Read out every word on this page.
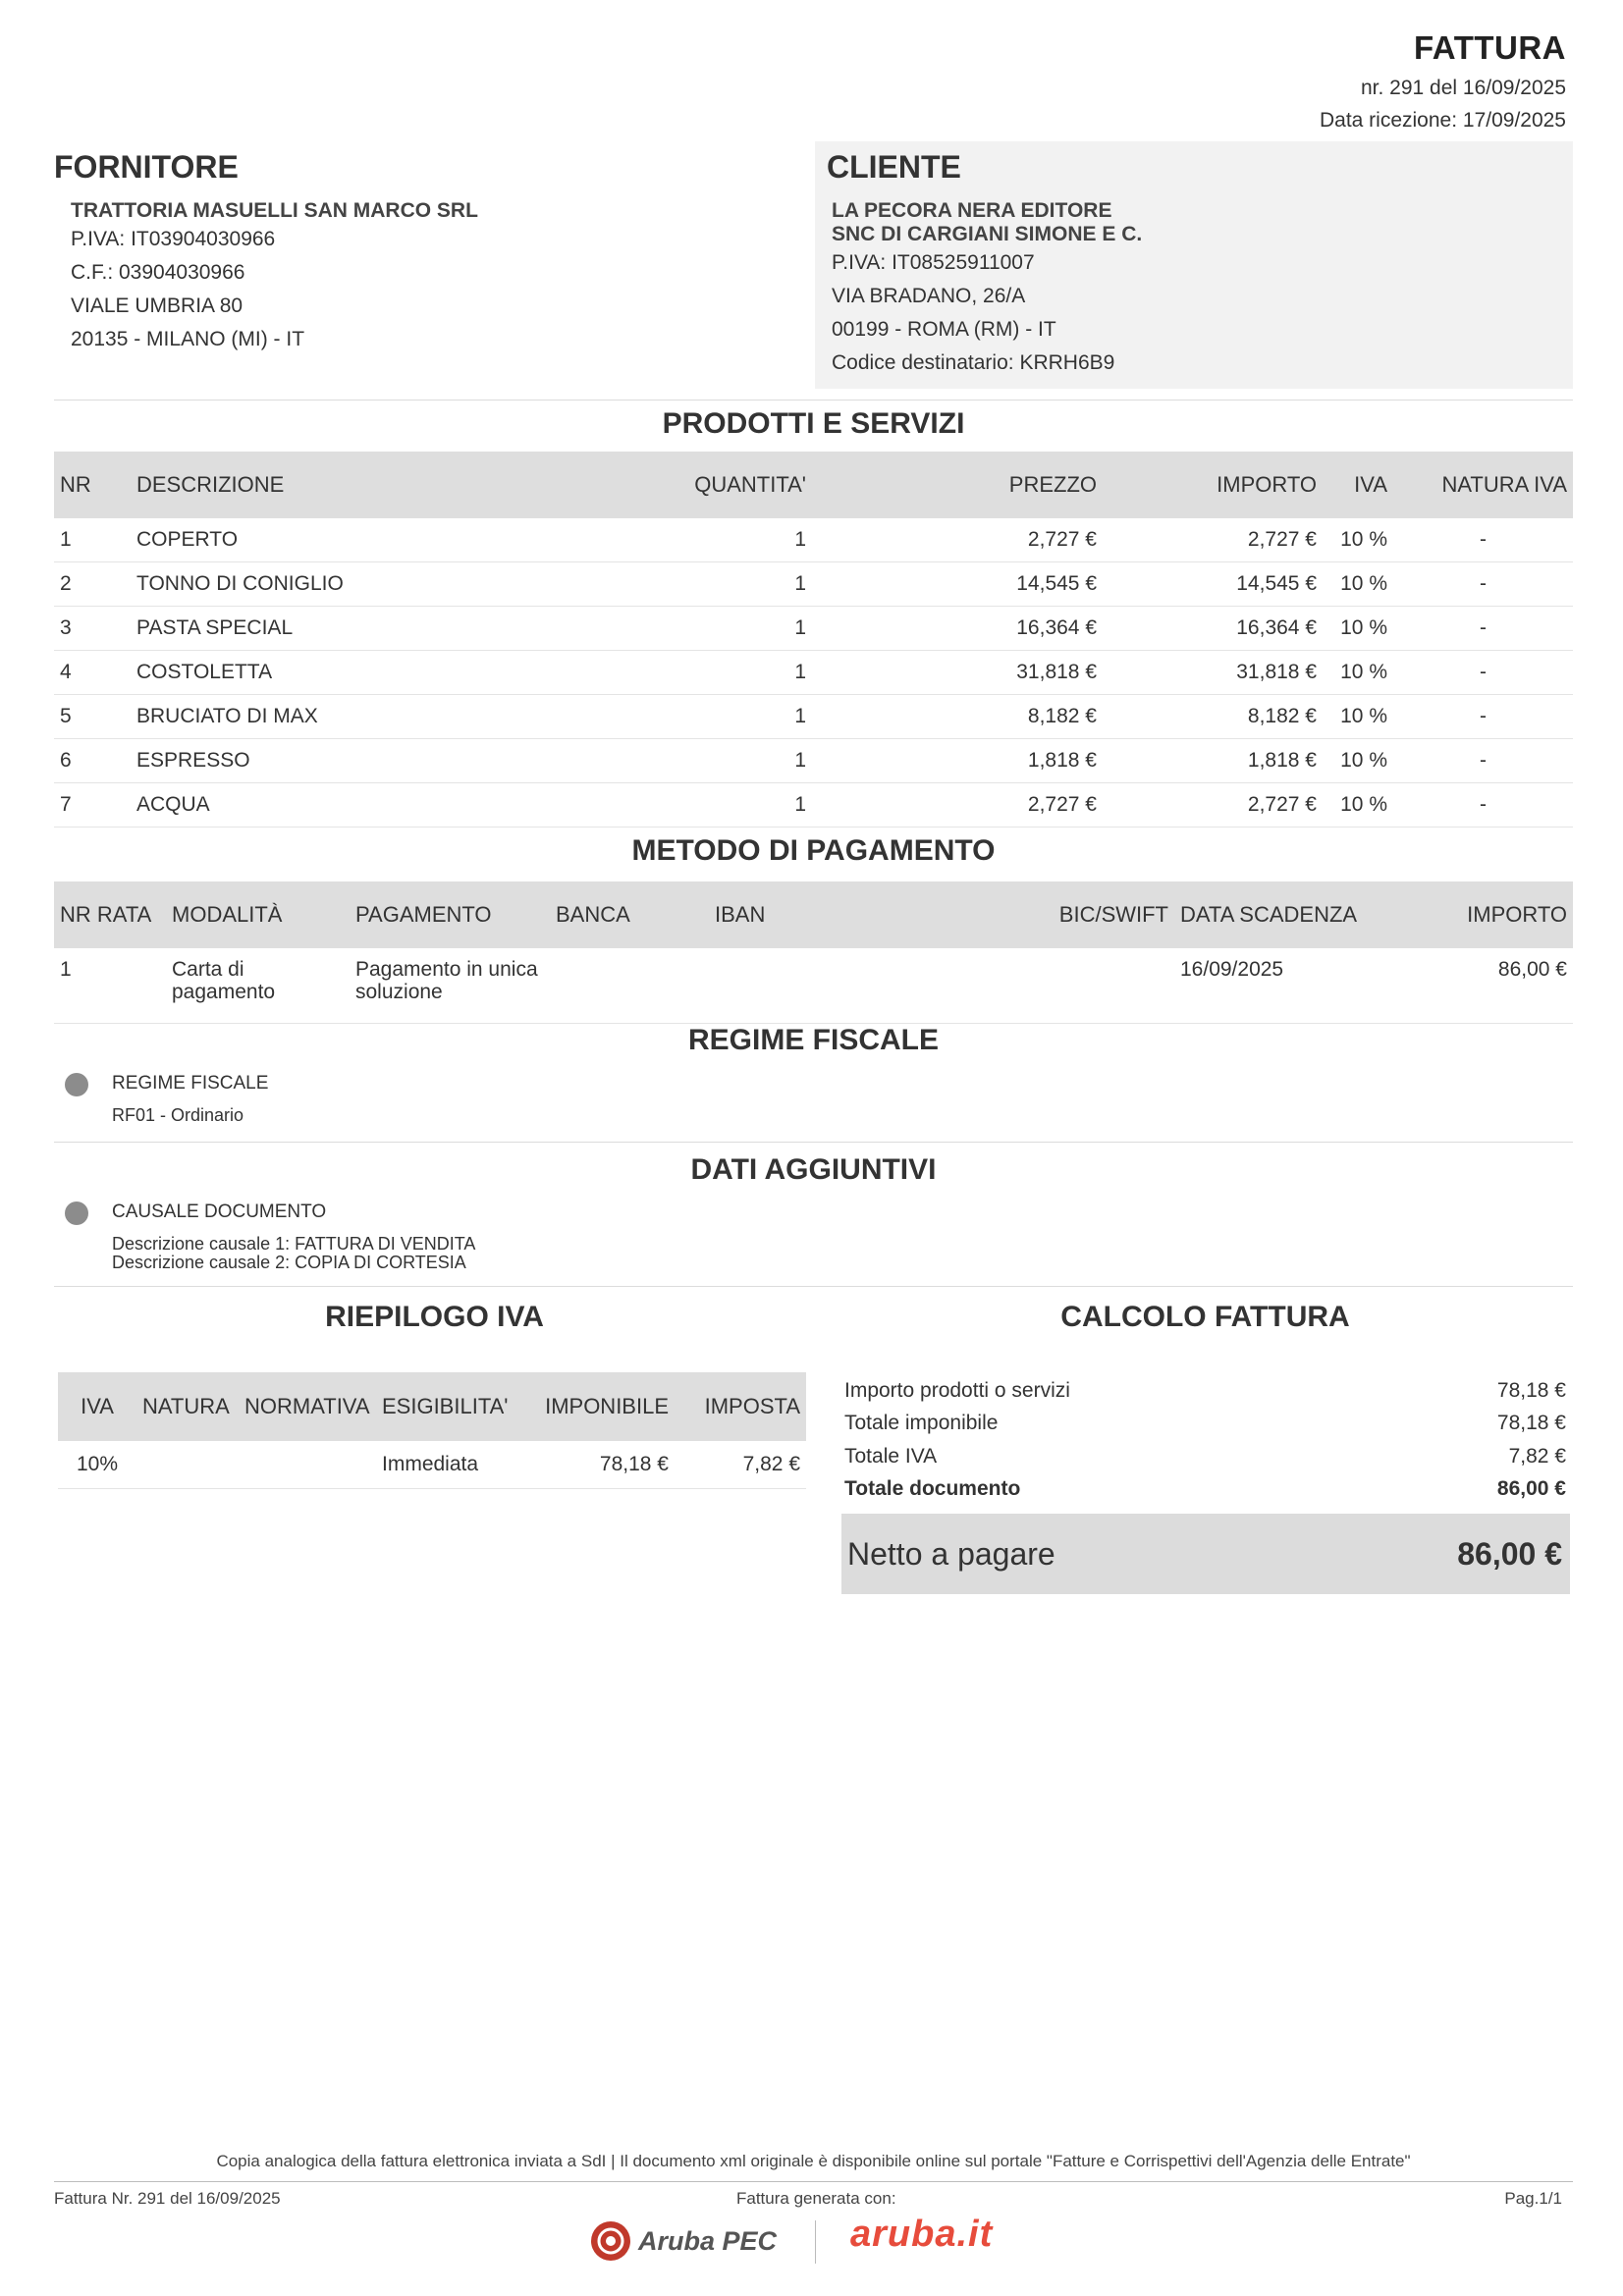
FATTURA
nr. 291 del 16/09/2025
Data ricezione: 17/09/2025
FORNITORE
TRATTORIA MASUELLI SAN MARCO SRL
P.IVA: IT03904030966
C.F.: 03904030966
VIALE UMBRIA 80
20135 - MILANO (MI) - IT
CLIENTE
LA PECORA NERA EDITORE
SNC DI CARGIANI SIMONE E C.
P.IVA: IT08525911007
VIA BRADANO, 26/A
00199 - ROMA (RM) - IT
Codice destinatario: KRRH6B9
PRODOTTI E SERVIZI
NR	DESCRIZIONE	QUANTITA'	PREZZO	IMPORTO	IVA	NATURA IVA
1	COPERTO	1	2,727 €	2,727 €	10 %	-
2	TONNO DI CONIGLIO	1	14,545 €	14,545 €	10 %	-
3	PASTA SPECIAL	1	16,364 €	16,364 €	10 %	-
4	COSTOLETTA	1	31,818 €	31,818 €	10 %	-
5	BRUCIATO DI MAX	1	8,182 €	8,182 €	10 %	-
6	ESPRESSO	1	1,818 €	1,818 €	10 %	-
7	ACQUA	1	2,727 €	2,727 €	10 %	-
METODO DI PAGAMENTO
NR RATA	MODALITÀ	PAGAMENTO	BANCA	IBAN	BIC/SWIFT	DATA SCADENZA	IMPORTO
1	Carta di pagamento	Pagamento in unica soluzione				16/09/2025	86,00 €
REGIME FISCALE
REGIME FISCALE
RF01 - Ordinario
DATI AGGIUNTIVI
CAUSALE DOCUMENTO
Descrizione causale 1: FATTURA DI VENDITA
Descrizione causale 2: COPIA DI CORTESIA
RIEPILOGO IVA
IVA	NATURA	NORMATIVA	ESIGIBILITA'	IMPONIBILE	IMPOSTA
10%			Immediata	78,18 €	7,82 €
CALCOLO FATTURA
Importo prodotti o servizi	78,18 €
Totale imponibile	78,18 €
Totale IVA	7,82 €
Totale documento	86,00 €
Netto a pagare	86,00 €
Copia analogica della fattura elettronica inviata a SdI | Il documento xml originale è disponibile online sul portale "Fatture e Corrispettivi dell'Agenzia delle Entrate"
Fattura Nr. 291 del 16/09/2025	Fattura generata con:	Pag.1/1
Aruba PEC aruba.it
